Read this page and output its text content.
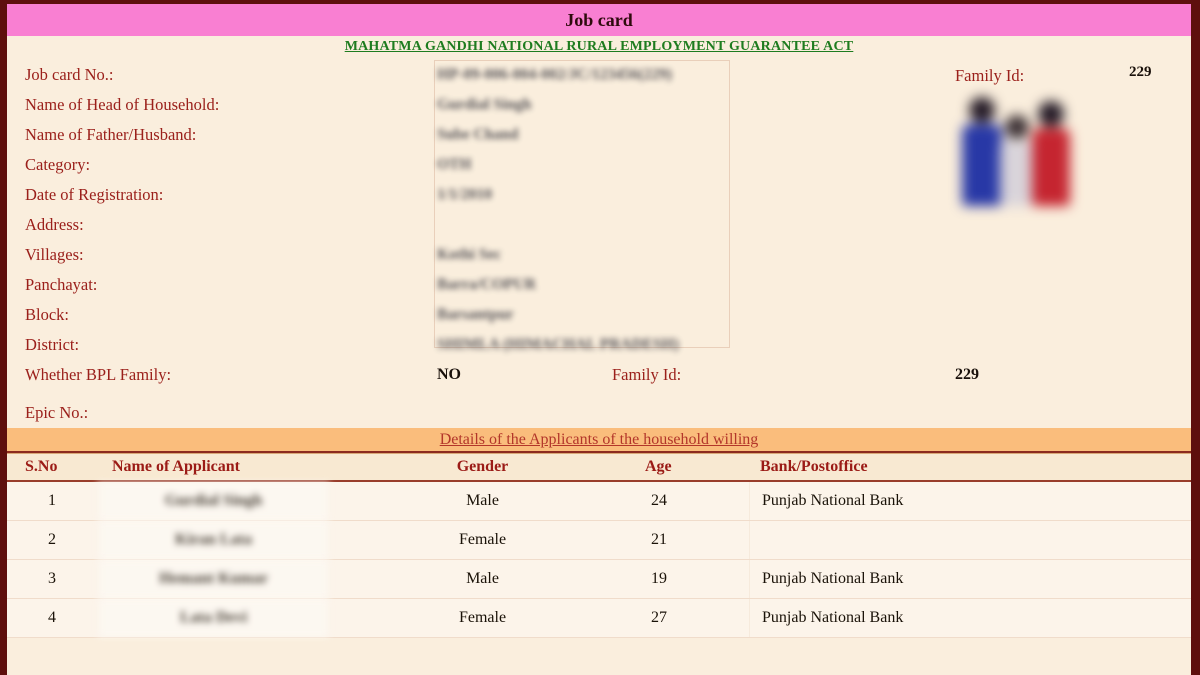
Job card
MAHATMA GANDHI NATIONAL RURAL EMPLOYMENT GUARANTEE ACT
Family Id:	229
Job card No.:	HP-09-006-004-002/JC/123456(229)
Name of Head of Household:	Gurdial Singh
Name of Father/Husband:	Sube Chand
Category:	OTH
Date of Registration:	1/1/2010
Address:
Villages:	Kothi Sec
Panchayat:	Barra/COPUR
Block:	Barsantpur
District:	SHIMLA (HIMACHAL PRADESH)
Whether BPL Family:	NO	Family Id:	229
Epic No.:
Details of the Applicants of the household willing
S.No	Name of Applicant	Gender	Age	Bank/Postoffice
1	Gurdial Singh	Male	24	Punjab National Bank
2	Kiran Lata	Female	21
3	Hemant Kumar	Male	19	Punjab National Bank
4	Lata Devi	Female	27	Punjab National Bank
